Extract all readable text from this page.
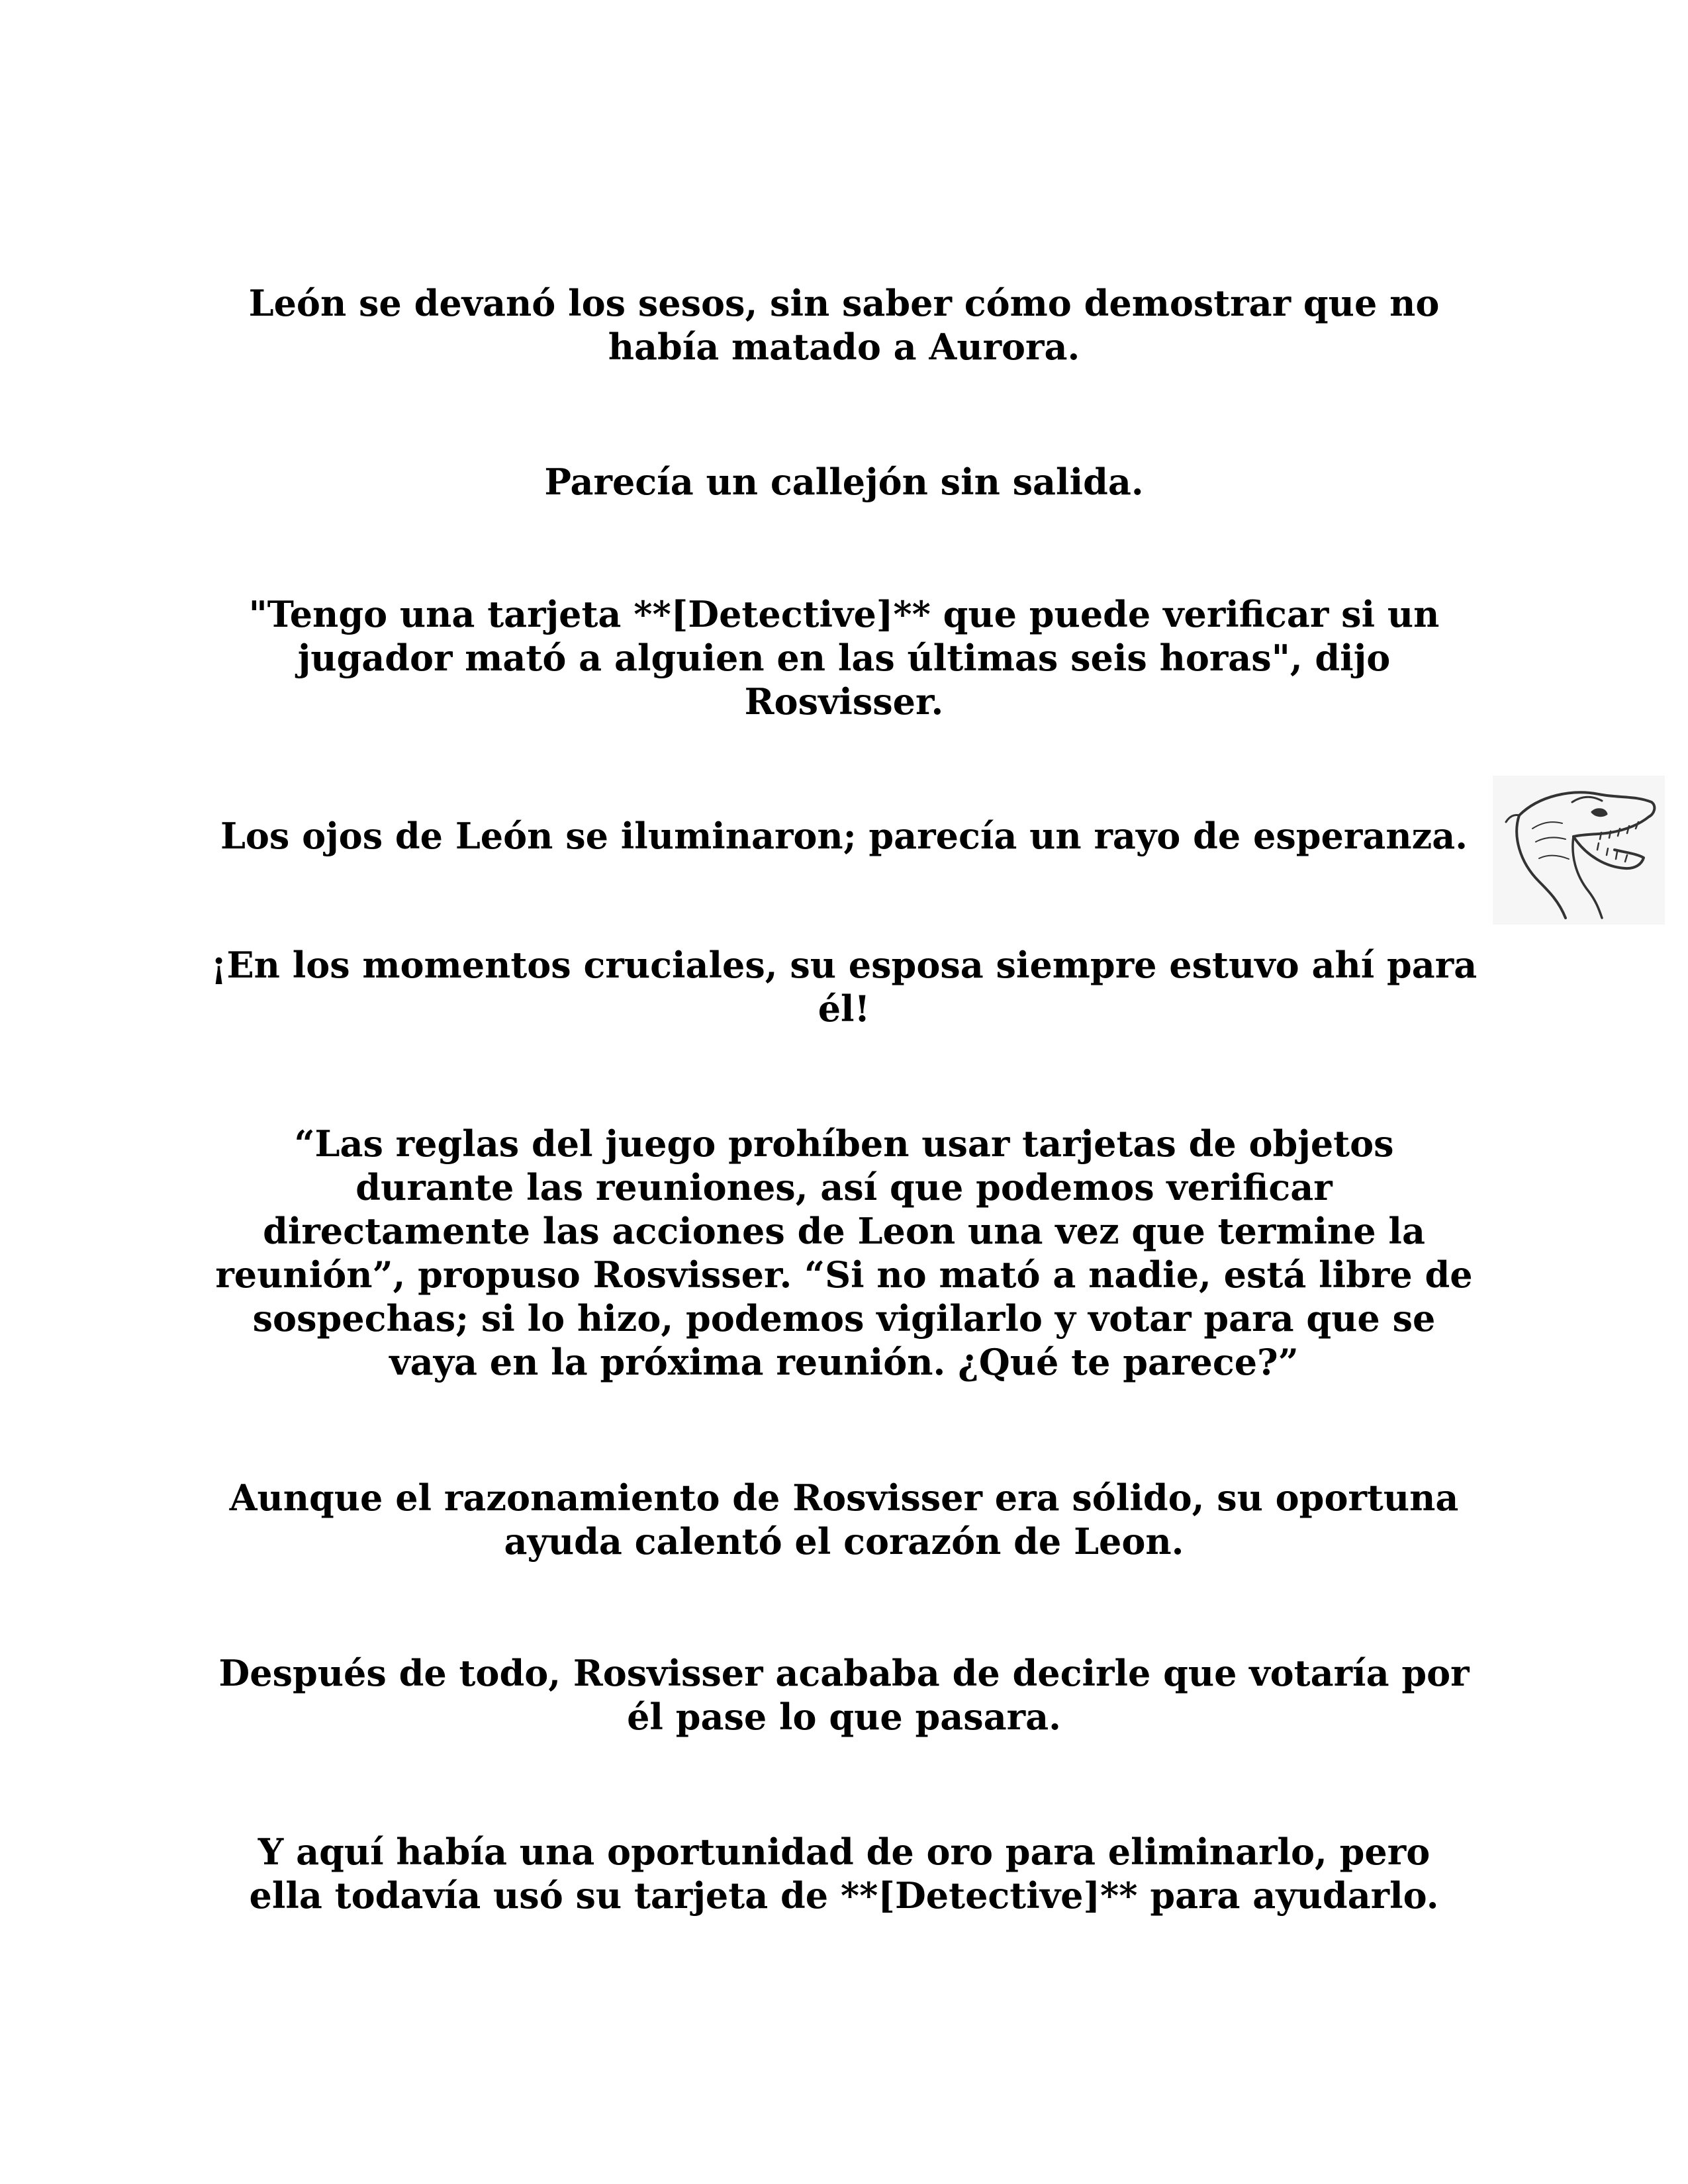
León se devanó los sesos, sin saber cómo demostrar que no
había matado a Aurora.

Parecía un callejón sin salida.

"Tengo una tarjeta **[Detective]** que puede verificar si un
jugador mató a alguien en las últimas seis horas", dijo
Rosvisser.

Los ojos de León se iluminaron; parecía un rayo de esperanza.

¡En los momentos cruciales, su esposa siempre estuvo ahí para
él!

“Las reglas del juego prohíben usar tarjetas de objetos
durante las reuniones, así que podemos verificar
directamente las acciones de Leon una vez que termine la
reunión”, propuso Rosvisser. “Si no mató a nadie, está libre de
sospechas; si lo hizo, podemos vigilarlo y votar para que se
vaya en la próxima reunión. ¿Qué te parece?”

Aunque el razonamiento de Rosvisser era sólido, su oportuna
ayuda calentó el corazón de Leon.

Después de todo, Rosvisser acababa de decirle que votaría por
él pase lo que pasara.

Y aquí había una oportunidad de oro para eliminarlo, pero
ella todavía usó su tarjeta de **[Detective]** para ayudarlo.
